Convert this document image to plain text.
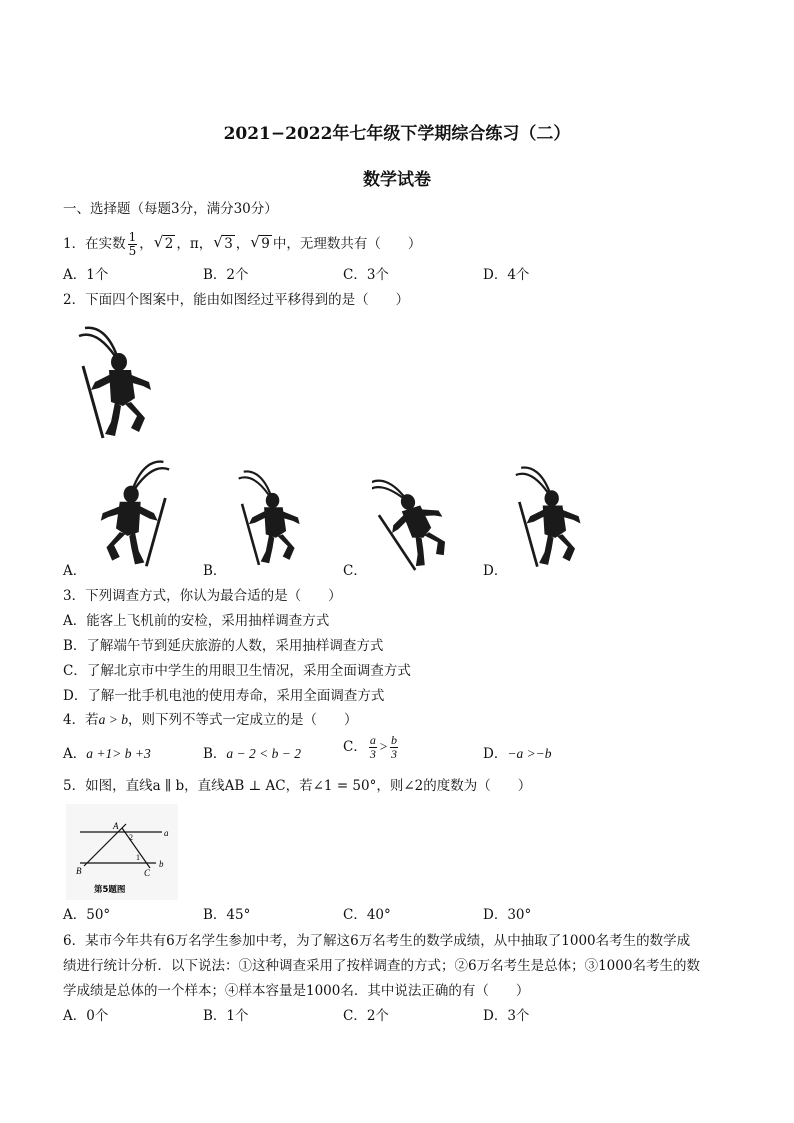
2021−2022年七年级下学期综合练习（二）
数学试卷
一、选择题（每题3分，满分30分）
1．在实数 $\frac{1}{5}$ ， √ 2 ，π， √ 3 ， √ 9 中，无理数共有（　　）
A．1个	B．2个	C．3个	D．4个
2．下面四个图案中，能由如图经过平移得到的是（　　）
A．	B．	C．	D．
3．下列调查方式，你认为最合适的是（　　）
A．能客上飞机前的安检，采用抽样调查方式
B．了解端午节到延庆旅游的人数，采用抽样调查方式
C．了解北京市中学生的用眼卫生情况，采用全面调查方式
D．了解一批手机电池的使用寿命，采用全面调查方式
4．若a > b，则下列不等式一定成立的是（　　）
A．a +1> b +3	B．a − 2 < b − 2	C． $\frac{a}{3} > \frac{b}{3}$	D．−a >−b
5．如图，直线a ∥ b，直线AB ⊥ AC，若∠1 = 50°，则∠2的度数为（　　）
A
2	a
1
b
B	C
第5题图
A．50°	B．45°	C．40°	D．30°
6．某市今年共有6万名学生参加中考，为了解这6万名考生的数学成绩，从中抽取了1000名考生的数学成
绩进行统计分析．以下说法：①这种调查采用了按样调查的方式；②6万名考生是总体；③1000名考生的数
学成绩是总体的一个样本；④样本容量是1000名．其中说法正确的有（　　）
A．0个	B．1个	C．2个	D．3个
